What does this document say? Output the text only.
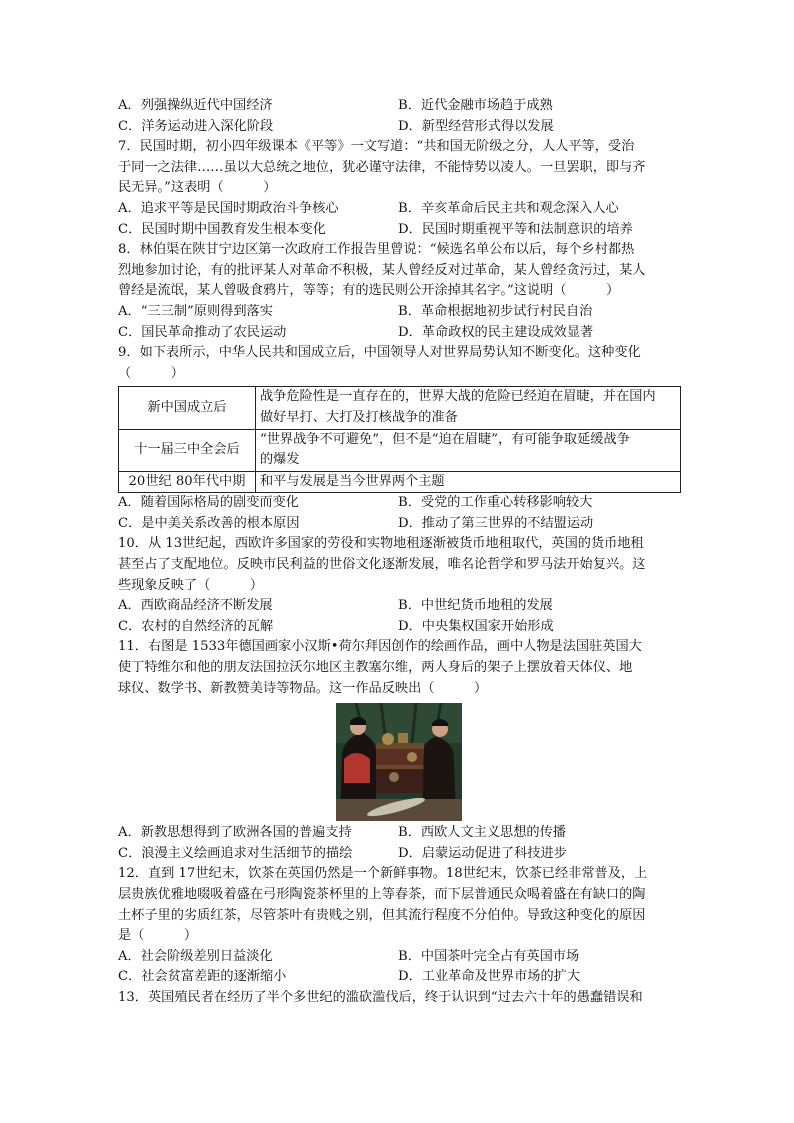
A．列强操纵近代中国经济	B．近代金融市场趋于成熟
C．洋务运动进入深化阶段	D．新型经营形式得以发展
7．民国时期，初小四年级课本《平等》一文写道：“共和国无阶级之分，人人平等，受治
于同一之法律……虽以大总统之地位，犹必谨守法律，不能恃势以凌人。一旦罢职，即与齐
民无异。”这表明（　　　）
A．追求平等是民国时期政治斗争核心	B．辛亥革命后民主共和观念深入人心
C．民国时期中国教育发生根本变化	D．民国时期重视平等和法制意识的培养
8．林伯渠在陕甘宁边区第一次政府工作报告里曾说：“候选名单公布以后，每个乡村都热
烈地参加讨论，有的批评某人对革命不积极，某人曾经反对过革命，某人曾经贪污过，某人
曾经是流氓，某人曾吸食鸦片，等等；有的选民则公开涂掉其名字。”这说明（　　　）
A．“三三制”原则得到落实	B．革命根据地初步试行村民自治
C．国民革命推动了农民运动	D．革命政权的民主建设成效显著
9．如下表所示，中华人民共和国成立后，中国领导人对世界局势认知不断变化。这种变化
（　　　）
新中国成立后	战争危险性是一直存在的，世界大战的危险已经迫在眉睫，并在国内
做好早打、大打及打核战争的准备

十一届三中全会后	“世界战争不可避免”，但不是“迫在眉睫”，有可能争取延缓战争
的爆发

20世纪 80年代中期	和平与发展是当今世界两个主题
A．随着国际格局的剧变而变化	B．受党的工作重心转移影响较大
C．是中美关系改善的根本原因	D．推动了第三世界的不结盟运动
10．从 13世纪起，西欧许多国家的劳役和实物地租逐渐被货币地租取代，英国的货币地租
甚至占了支配地位。反映市民利益的世俗文化逐渐发展，唯名论哲学和罗马法开始复兴。这
些现象反映了（　　　）
A．西欧商品经济不断发展	B．中世纪货币地租的发展
C．农村的自然经济的瓦解	D．中央集权国家开始形成
11．右图是 1533年德国画家小汉斯•荷尔拜因创作的绘画作品，画中人物是法国驻英国大
使丁特维尔和他的朋友法国拉沃尔地区主教塞尔维，两人身后的架子上摆放着天体仪、地
球仪、数学书、新教赞美诗等物品。这一作品反映出（　　　）
A．新教思想得到了欧洲各国的普遍支持	B．西欧人文主义思想的传播
C．浪漫主义绘画追求对生活细节的描绘	D．启蒙运动促进了科技进步
12．直到 17世纪末，饮茶在英国仍然是一个新鲜事物。18世纪末，饮茶已经非常普及，上
层贵族优雅地啜吸着盛在弓形陶瓷茶杯里的上等春茶，而下层普通民众喝着盛在有缺口的陶
土杯子里的劣质红茶，尽管茶叶有贵贱之别，但其流行程度不分伯仲。导致这种变化的原因
是（　　　）
A．社会阶级差别日益淡化	B．中国茶叶完全占有英国市场
C．社会贫富差距的逐渐缩小	D．工业革命及世界市场的扩大
13．英国殖民者在经历了半个多世纪的滥砍滥伐后，终于认识到“过去六十年的愚蠢错误和
